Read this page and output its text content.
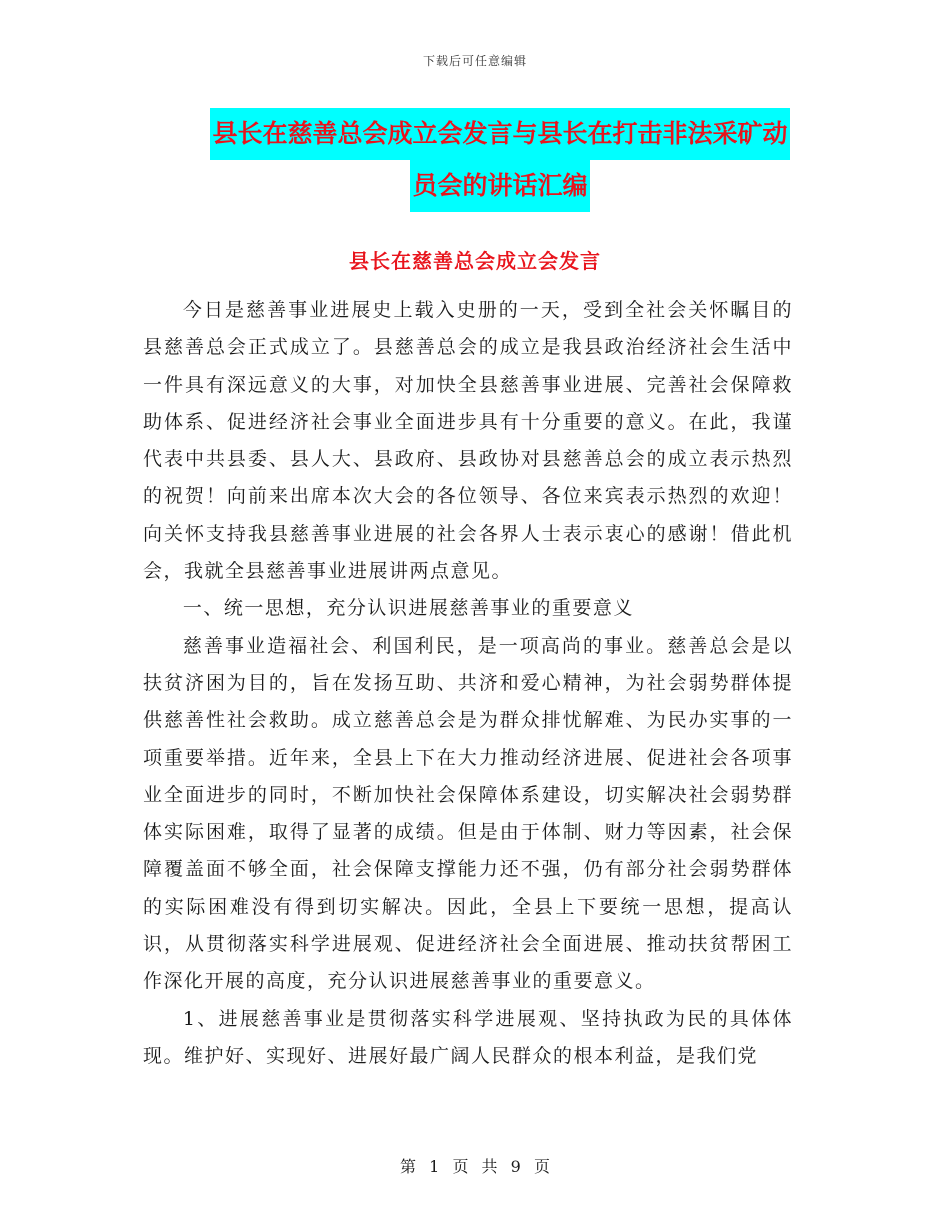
下载后可任意编辑
县长在慈善总会成立会发言与县长在打击非法采矿动
员会的讲话汇编
县长在慈善总会成立会发言

今日是慈善事业进展史上载入史册的一天，受到全社会关怀瞩目的县慈善总会正式成立了。县慈善总会的成立是我县政治经济社会生活中一件具有深远意义的大事，对加快全县慈善事业进展、完善社会保障救助体系、促进经济社会事业全面进步具有十分重要的意义。在此，我谨代表中共县委、县人大、县政府、县政协对县慈善总会的成立表示热烈的祝贺！向前来出席本次大会的各位领导、各位来宾表示热烈的欢迎！向关怀支持我县慈善事业进展的社会各界人士表示衷心的感谢！借此机会，我就全县慈善事业进展讲两点意见。

一、统一思想，充分认识进展慈善事业的重要意义

慈善事业造福社会、利国利民，是一项高尚的事业。慈善总会是以扶贫济困为目的，旨在发扬互助、共济和爱心精神，为社会弱势群体提供慈善性社会救助。成立慈善总会是为群众排忧解难、为民办实事的一项重要举措。近年来，全县上下在大力推动经济进展、促进社会各项事业全面进步的同时，不断加快社会保障体系建设，切实解决社会弱势群体实际困难，取得了显著的成绩。但是由于体制、财力等因素，社会保障覆盖面不够全面，社会保障支撑能力还不强，仍有部分社会弱势群体的实际困难没有得到切实解决。因此，全县上下要统一思想，提高认识，从贯彻落实科学进展观、促进经济社会全面进展、推动扶贫帮困工作深化开展的高度，充分认识进展慈善事业的重要意义。

1、进展慈善事业是贯彻落实科学进展观、坚持执政为民的具体体现。维护好、实现好、进展好最广阔人民群众的根本利益，是我们党

第 1 页 共 9 页
